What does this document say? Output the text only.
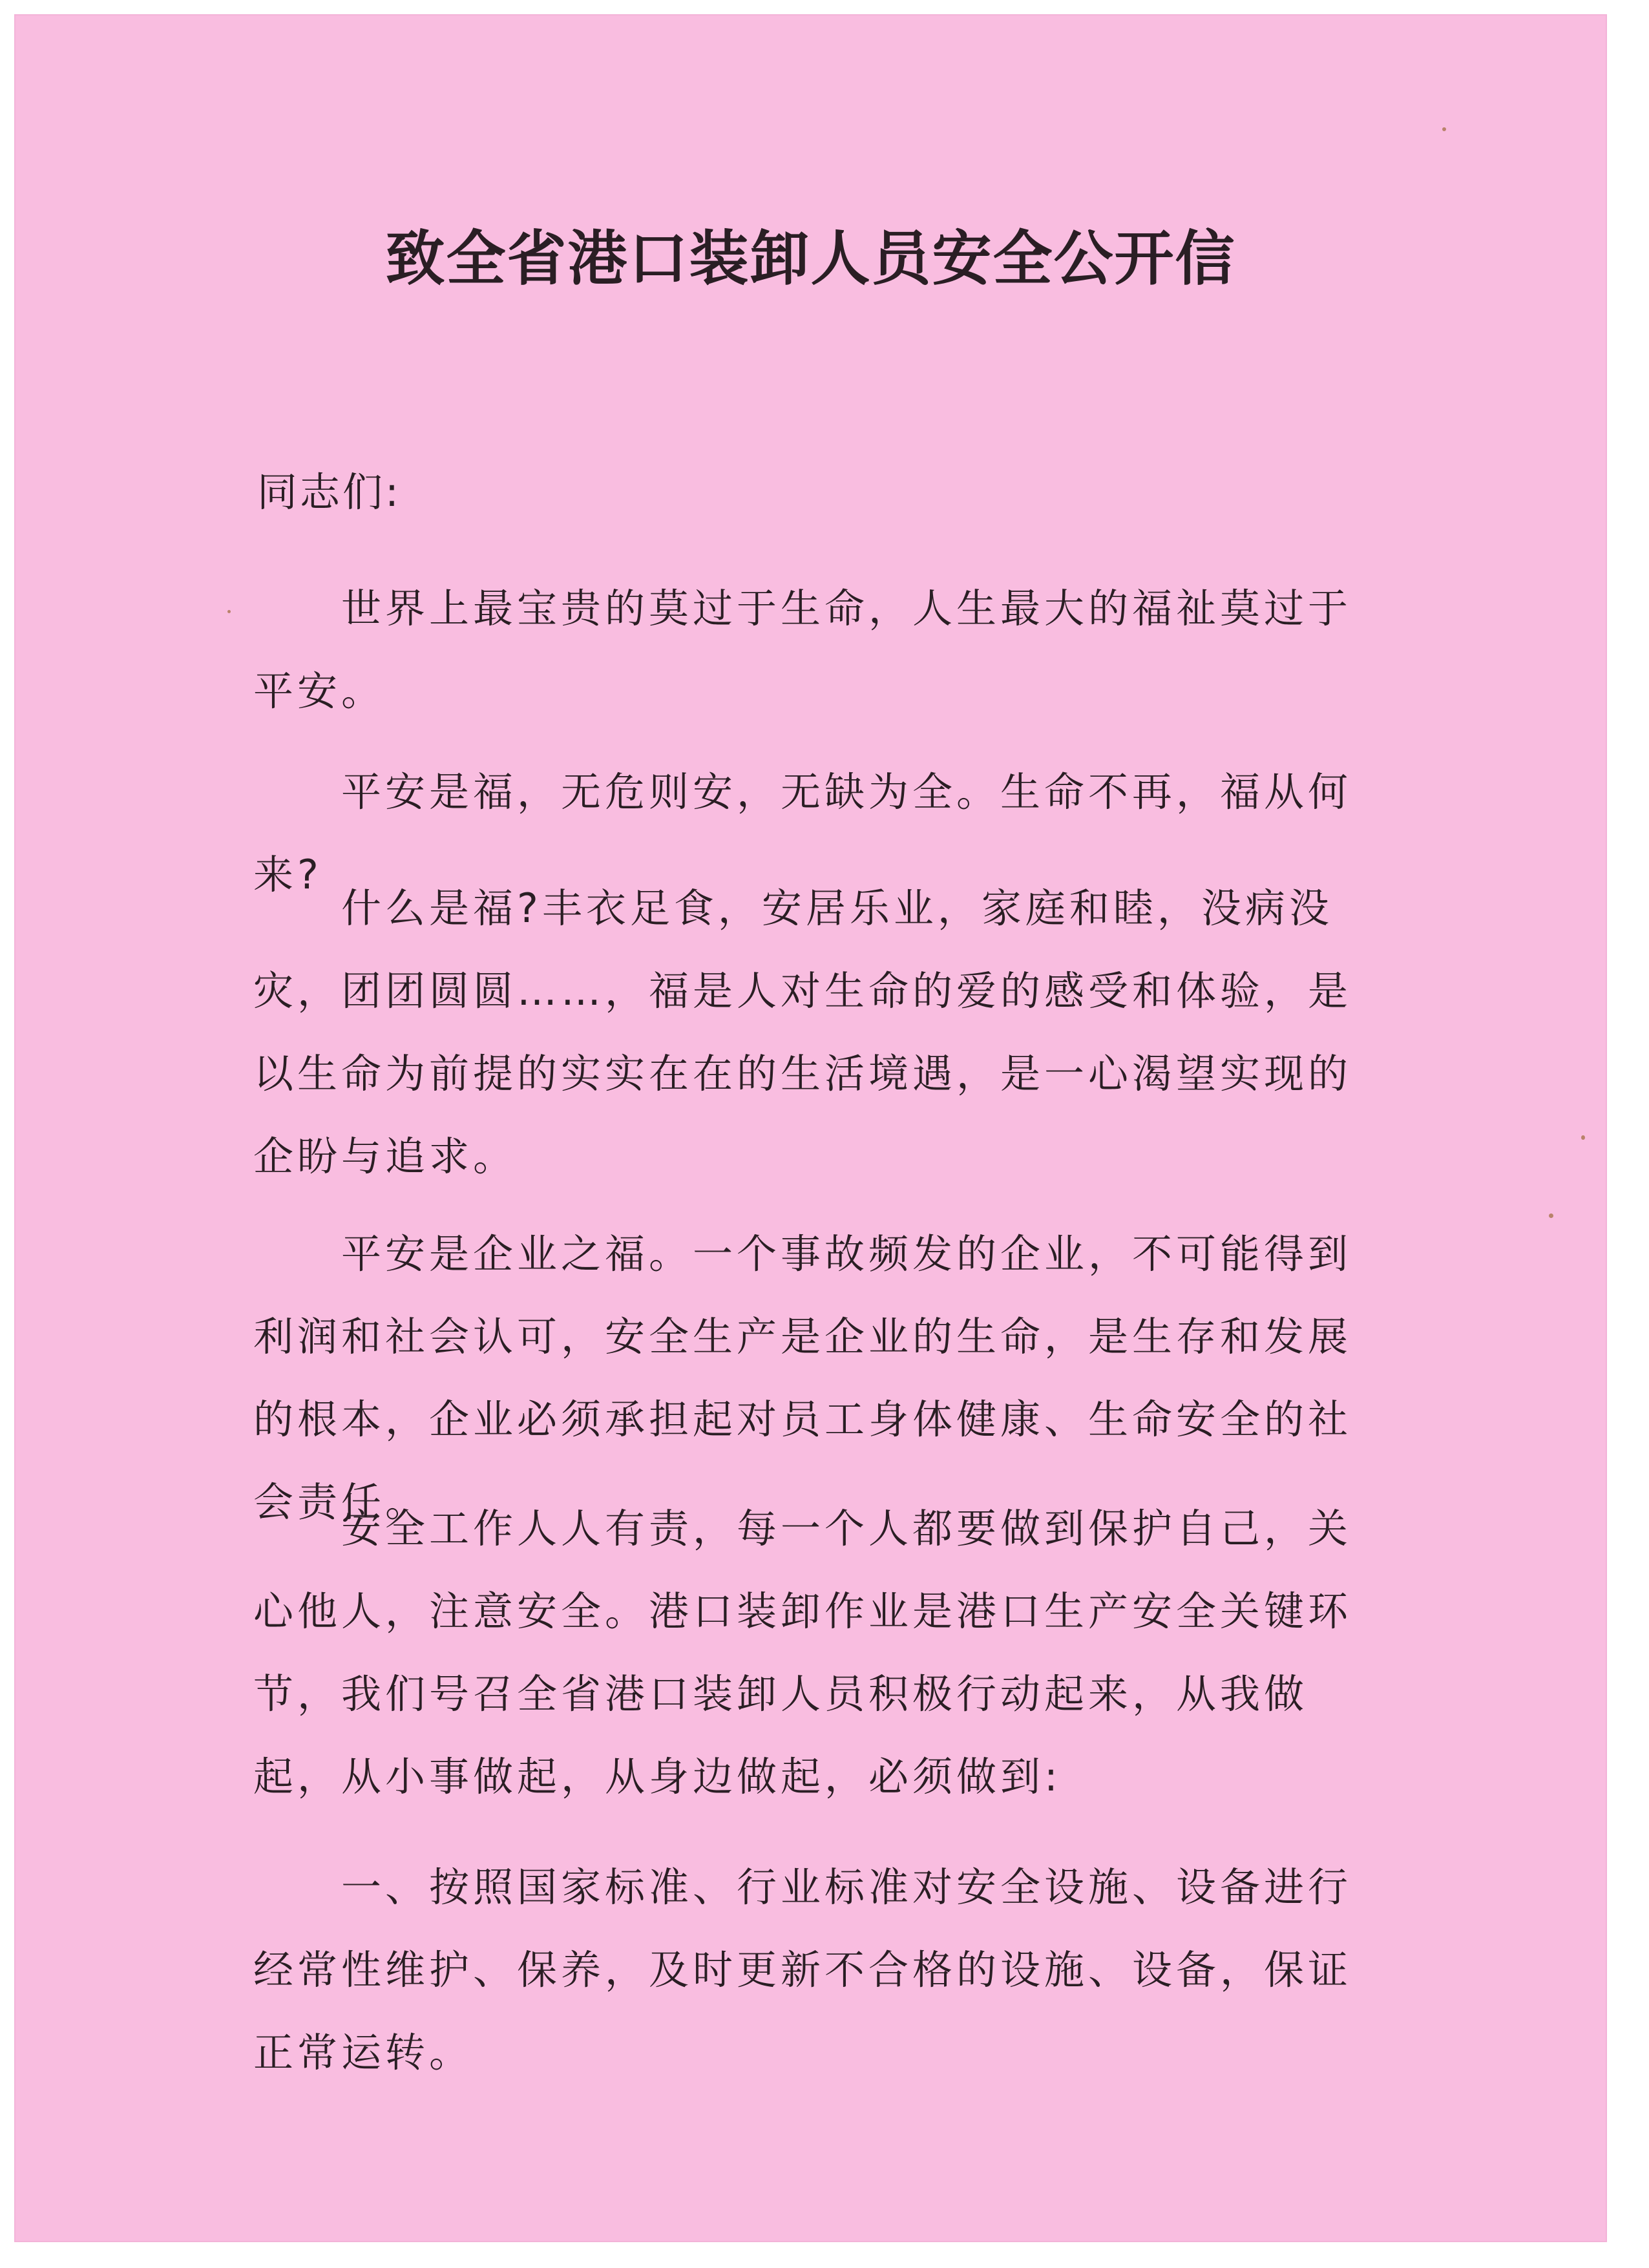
致全省港口装卸人员安全公开信
同志们:

世界上最宝贵的莫过于生命，人生最大的福祉莫过于平安。

平安是福，无危则安，无缺为全。生命不再，福从何来?

什么是福?丰衣足食，安居乐业，家庭和睦，没病没灾，团团圆圆……，福是人对生命的爱的感受和体验，是以生命为前提的实实在在的生活境遇，是一心渴望实现的企盼与追求。

平安是企业之福。一个事故频发的企业，不可能得到利润和社会认可，安全生产是企业的生命，是生存和发展的根本，企业必须承担起对员工身体健康、生命安全的社会责任。

安全工作人人有责，每一个人都要做到保护自己，关心他人，注意安全。港口装卸作业是港口生产安全关键环节，我们号召全省港口装卸人员积极行动起来，从我做起，从小事做起，从身边做起，必须做到:

一、按照国家标准、行业标准对安全设施、设备进行经常性维护、保养，及时更新不合格的设施、设备，保证正常运转。
